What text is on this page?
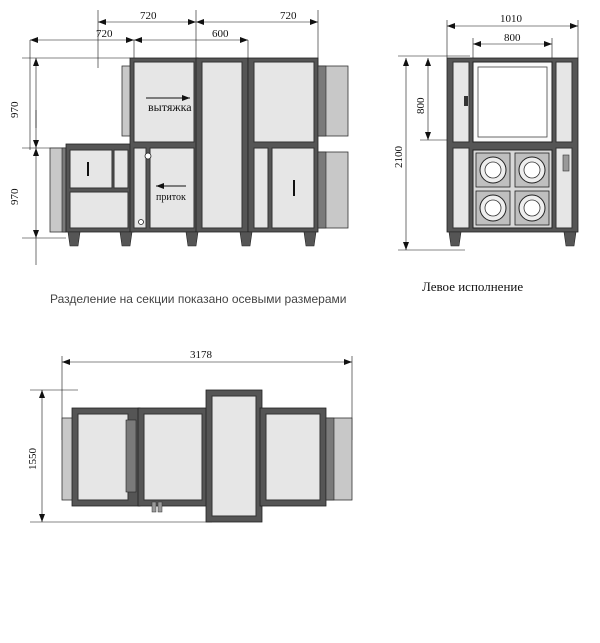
720	720
720	600
970
970
вытяжка
приток
1010
800
800
2100
Левое исполнение
Разделение на секции показано осевыми размерами
3178
1550
